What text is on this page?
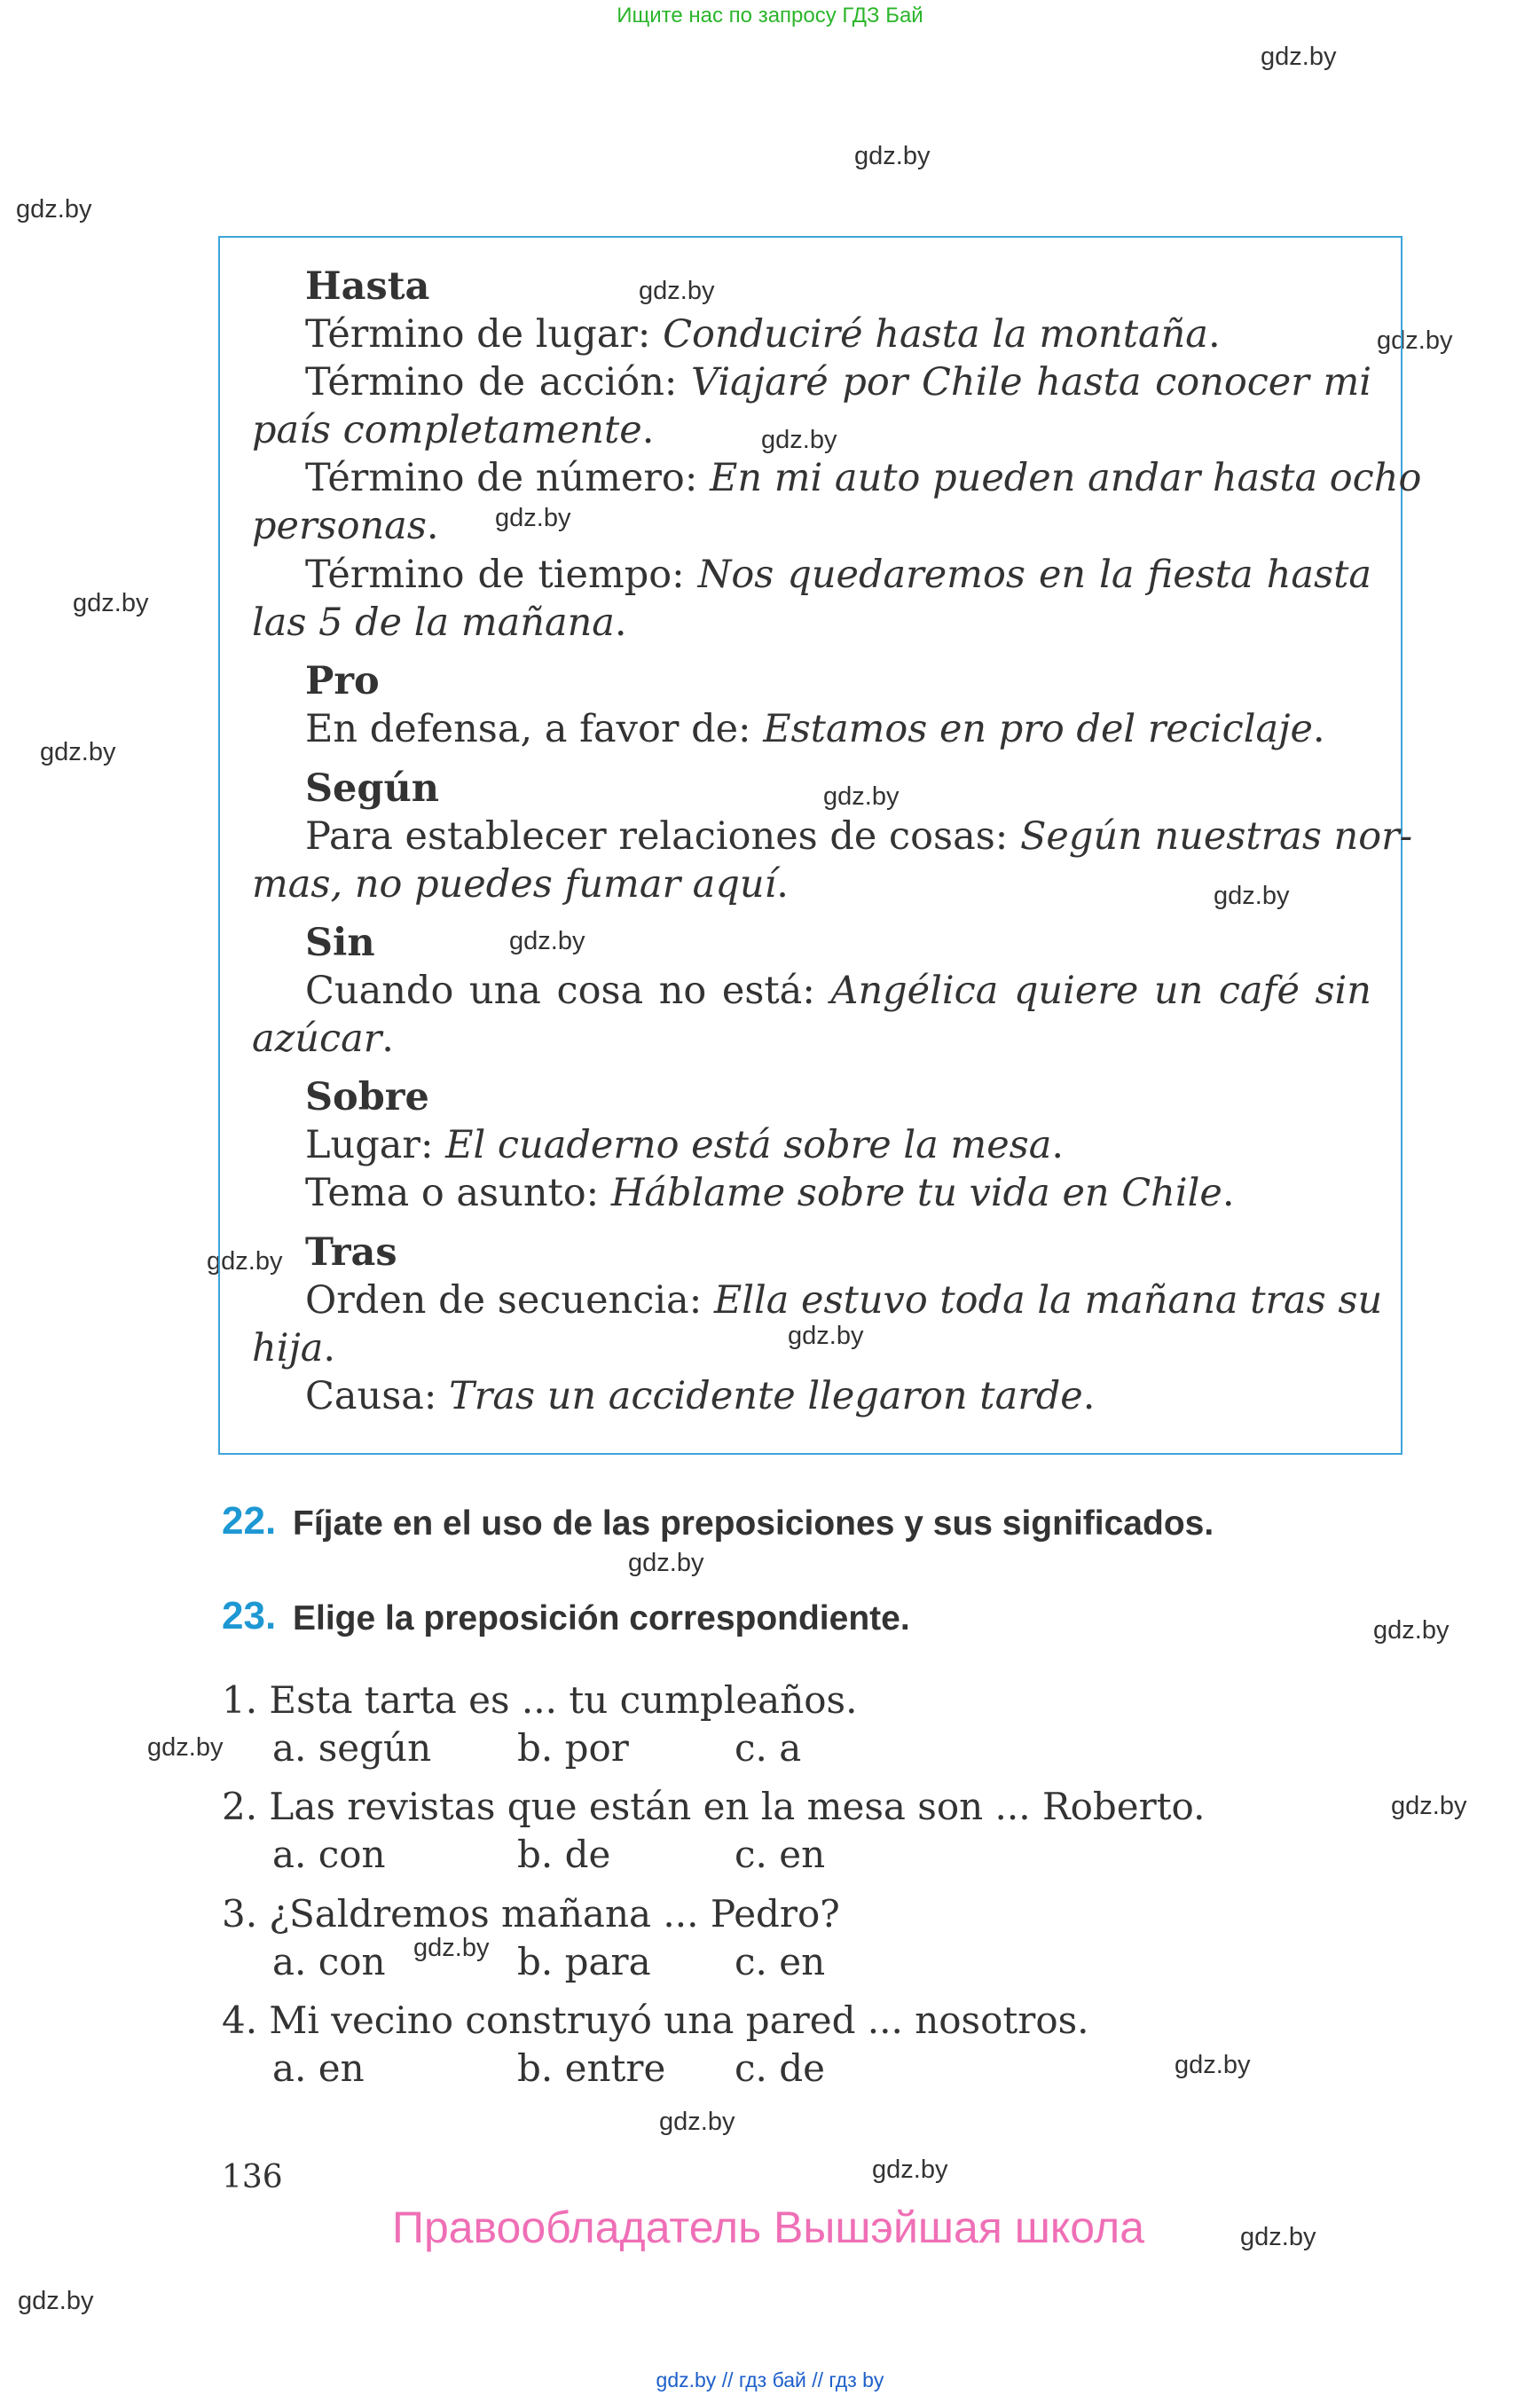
Ищите нас по запросу ГДЗ Бай
gdz.by
gdz.by
gdz.by
gdz.by
gdz.by
gdz.by
gdz.by
gdz.by
gdz.by
gdz.by
gdz.by
gdz.by
gdz.by
gdz.by
gdz.by
gdz.by
gdz.by
gdz.by
gdz.by
gdz.by
gdz.by
gdz.by
gdz.by
gdz.by
Hasta
Término de lugar: Conduciré hasta la montaña.
Término de acción: Viajaré por Chile hasta conocer mi
país completamente.
Término de número: En mi auto pueden andar hasta ocho
personas.
Término de tiempo: Nos quedaremos en la fiesta hasta
las 5 de la mañana.
Pro
En defensa, a favor de: Estamos en pro del reciclaje.
Según
Para establecer relaciones de cosas: Según nuestras nor-
mas, no puedes fumar aquí.
Sin
Cuando una cosa no está: Angélica quiere un café sin
azúcar.
Sobre
Lugar: El cuaderno está sobre la mesa.
Tema o asunto: Háblame sobre tu vida en Chile.
Tras
Orden de secuencia: Ella estuvo toda la mañana tras su
hija.
Causa: Tras un accidente llegaron tarde.
22. Fíjate en el uso de las preposiciones y sus significados.
23. Elige la preposición correspondiente.
1. Esta tarta es ... tu cumpleaños.
a. según b. por	c. a
2. Las revistas que están en la mesa son ... Roberto.
a. con	b. de	c. en
3. ¿Saldremos mañana ... Pedro?
a. con	b. para c. en
4. Mi vecino construyó una pared ... nosotros.
a. en	b. entre c. de
136
Правообладатель Вышэйшая школа
gdz.by // гдз бай // гдз by
